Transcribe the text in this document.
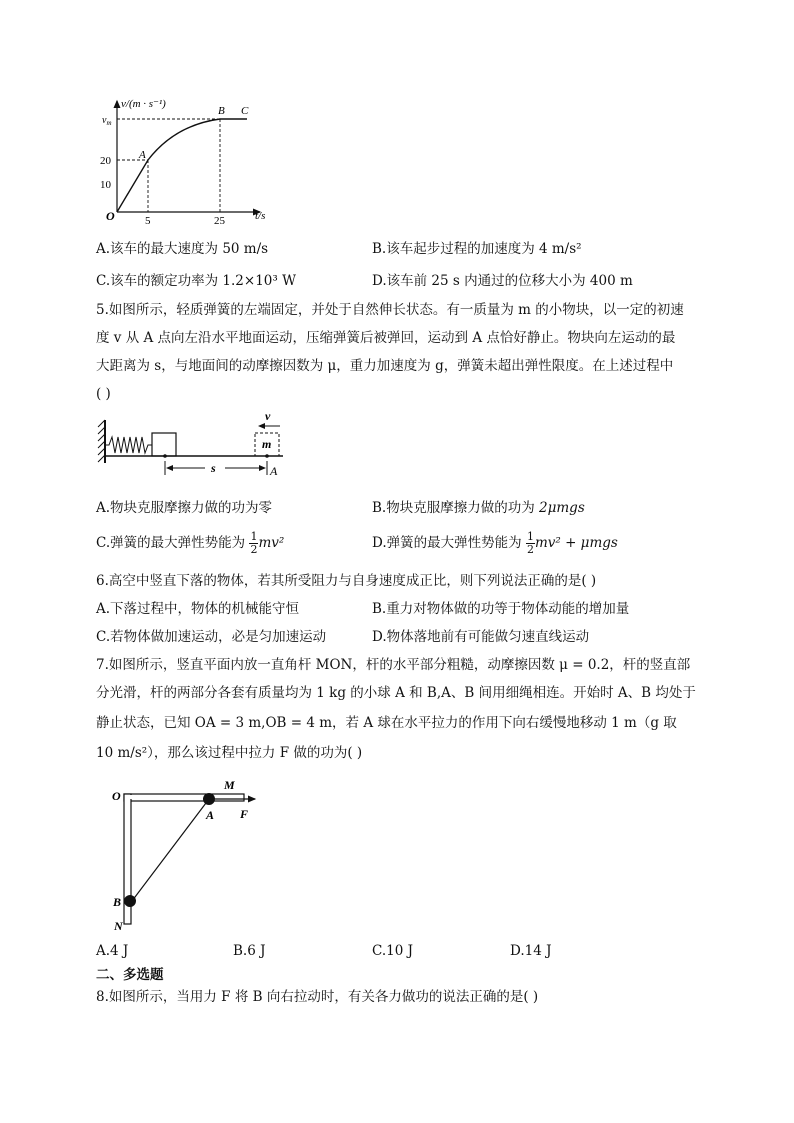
v/(m · s⁻¹)
$v_m$
20
10
O	5	25	t/s
A
B C
A.该车的最大速度为 50 m/s	B.该车起步过程的加速度为 4 m/s²
C.该车的额定功率为 1.2×10³ W	D.该车前 25 s 内通过的位移大小为 400 m
5.如图所示，轻质弹簧的左端固定，并处于自然伸长状态。有一质量为 m 的小物块，以一定的初速
度 v 从 A 点向左沿水平地面运动，压缩弹簧后被弹回，运动到 A 点恰好静止。物块向左运动的最
大距离为 s，与地面间的动摩擦因数为 μ，重力加速度为 g，弹簧未超出弹性限度。在上述过程中
( )
m
v
s	A
A.物块克服摩擦力做的功为零	B.物块克服摩擦力做的功为 2μmgs
C.弹簧的最大弹性势能为 $\frac{1}{2} mv^2$	D.弹簧的最大弹性势能为 $\frac{1}{2} mv^2 + \mu mgs$
6.高空中竖直下落的物体，若其所受阻力与自身速度成正比，则下列说法正确的是( )
A.下落过程中，物体的机械能守恒	B.重力对物体做的功等于物体动能的增加量
C.若物体做加速运动，必是匀加速运动	D.物体落地前有可能做匀速直线运动
7.如图所示，竖直平面内放一直角杆 MON，杆的水平部分粗糙，动摩擦因数 μ = 0.2，杆的竖直部
分光滑，杆的两部分各套有质量均为 1 kg 的小球 A 和 B,A、B 间用细绳相连。开始时 A、B 均处于
静止状态，已知 OA = 3 m,OB = 4 m，若 A 球在水平拉力的作用下向右缓慢地移动 1 m（g 取
10 m/s²），那么该过程中拉力 F 做的功为( )
O
M
A F
B
N
A.4 J	B.6 J	C.10 J	D.14 J
二、多选题
8.如图所示，当用力 F 将 B 向右拉动时，有关各力做功的说法正确的是( )
